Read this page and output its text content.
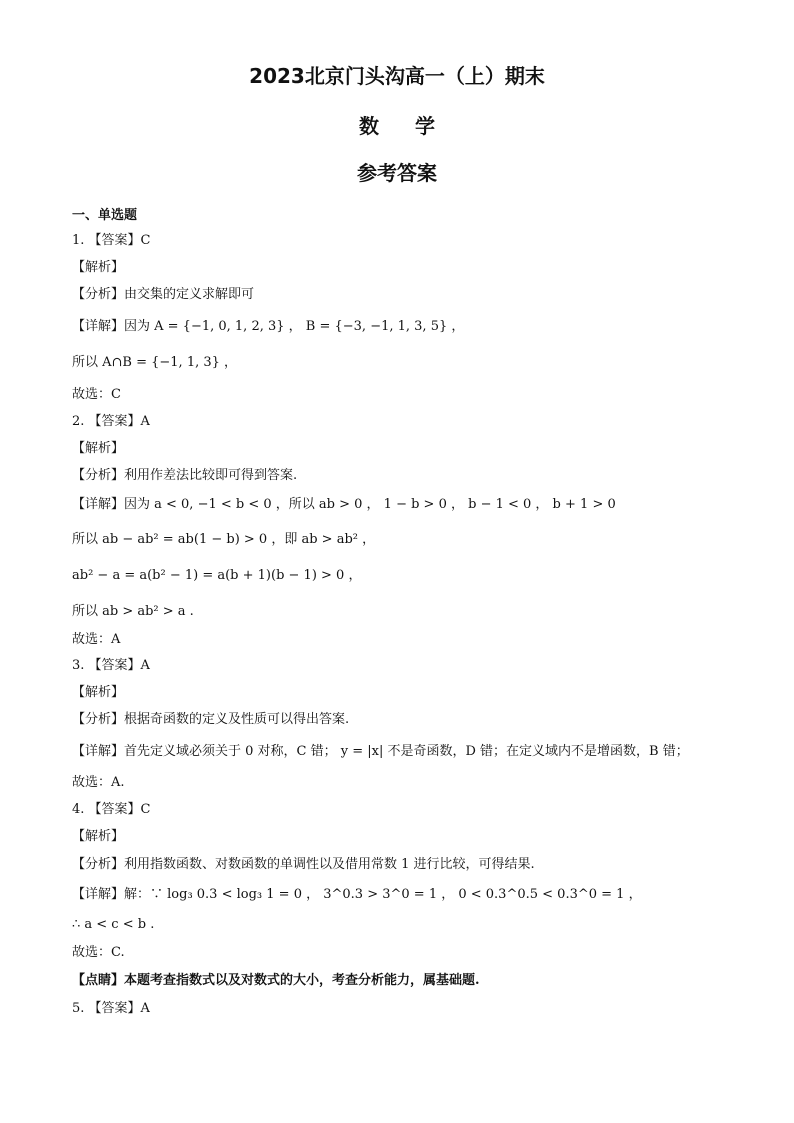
2023北京门头沟高一（上）期末
数学
参考答案
一、单选题
1. 【答案】C
【解析】
【分析】由交集的定义求解即可
【详解】因为 A = {−1, 0, 1, 2, 3} ， B = {−3, −1, 1, 3, 5} ，
所以 A∩B = {−1, 1, 3} ，
故选：C
2. 【答案】A
【解析】
【分析】利用作差法比较即可得到答案.
【详解】因为 a < 0, −1 < b < 0 ，所以 ab > 0 ， 1 − b > 0 ， b − 1 < 0 ， b + 1 > 0
所以 ab − ab² = ab(1 − b) > 0 ，即 ab > ab² ，
ab² − a = a(b² − 1) = a(b + 1)(b − 1) > 0 ，
所以 ab > ab² > a .
故选：A
3. 【答案】A
【解析】
【分析】根据奇函数的定义及性质可以得出答案.
【详解】首先定义域必须关于 0 对称，C 错； y = |x| 不是奇函数，D 错；在定义域内不是增函数，B 错；
故选：A.
4. 【答案】C
【解析】
【分析】利用指数函数、对数函数的单调性以及借用常数 1 进行比较，可得结果.
【详解】解：∵ log₃ 0.3 < log₃ 1 = 0 ， 3^0.3 > 3^0 = 1 ， 0 < 0.3^0.5 < 0.3^0 = 1 ，
∴ a < c < b .
故选：C.
【点睛】本题考查指数式以及对数式的大小，考查分析能力，属基础题.
5. 【答案】A
